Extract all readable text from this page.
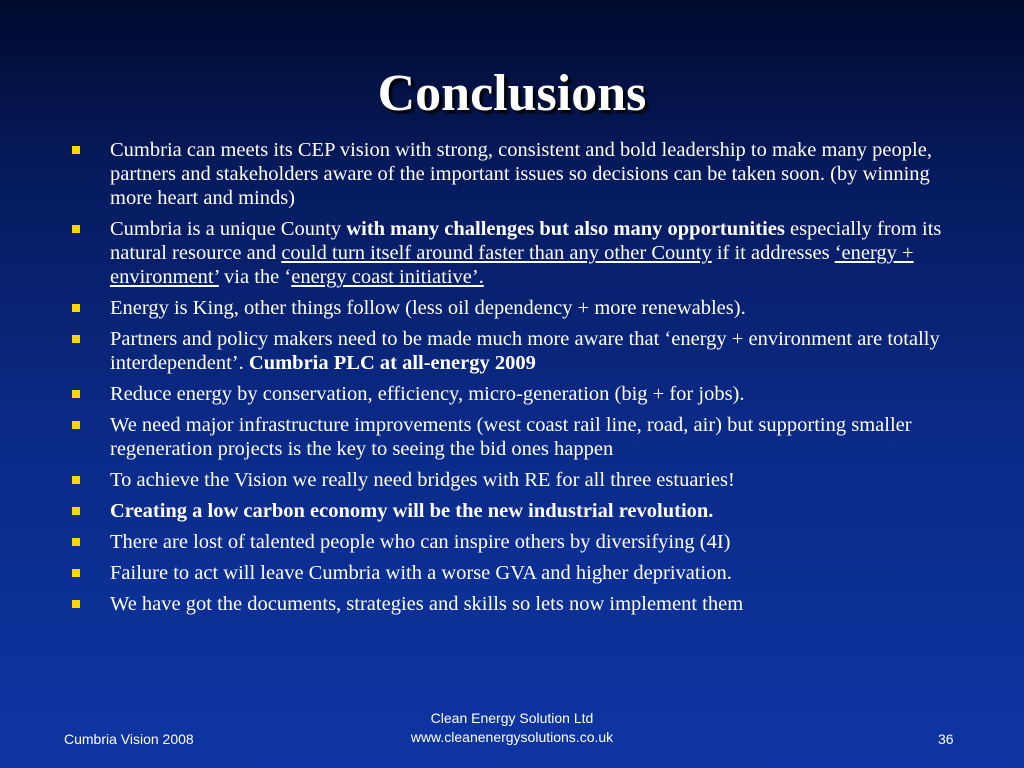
Conclusions
Cumbria can meets its CEP vision with strong, consistent and bold leadership to make many people, partners and stakeholders aware of the important issues so decisions can be taken soon. (by winning more heart and minds)
Cumbria is a unique County with many challenges but also many opportunities especially from its natural resource and could turn itself around faster than any other County if it addresses ‘energy + environment’ via the ‘energy coast initiative’.
Energy is King, other things follow (less oil dependency + more renewables).
Partners and policy makers need to be made much more aware that ‘energy + environment are totally interdependent’. Cumbria PLC at all-energy 2009
Reduce energy by conservation, efficiency, micro-generation (big + for jobs).
We need major infrastructure improvements (west coast rail line, road, air) but supporting smaller regeneration projects is the key to seeing the bid ones happen
To achieve the Vision we really need bridges with RE for all three estuaries!
Creating a low carbon economy will be the new industrial revolution.
There are lost of talented people who can inspire others by diversifying (4I)
Failure to act will leave Cumbria with a worse GVA and higher deprivation.
We have got the documents, strategies and skills so lets now implement them
Cumbria Vision 2008
Clean Energy Solution Ltd
www.cleanenergysolutions.co.uk	36
